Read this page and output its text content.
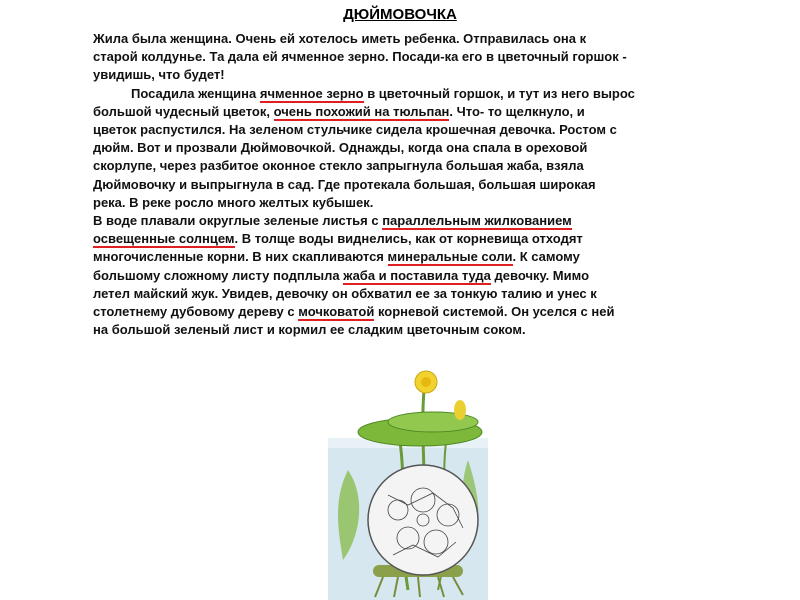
ДЮЙМОВОЧКА
Жила была женщина. Очень ей хотелось иметь ребенка. Отправилась она к
старой колдунье. Та дала ей ячменное зерно. Посади-ка его в цветочный горшок -
увидишь, что будет!
Посадила женщина ячменное зерно в цветочный горшок, и тут из него вырос
большой чудесный цветок, очень похожий на тюльпан. Что- то щелкнуло, и
цветок распустился. На зеленом стульчике сидела крошечная девочка. Ростом с
дюйм. Вот и прозвали Дюймовочкой. Однажды, когда она спала в ореховой
скорлупе, через разбитое оконное стекло запрыгнула большая жаба, взяла
Дюймовочку и выпрыгнула в сад. Где протекала большая, большая широкая
река. В реке росло много желтых кубышек.
В воде плавали округлые зеленые листья с параллельным жилкованием
освещенные солнцем. В толще воды виднелись, как от корневища отходят
многочисленные корни. В них скапливаются минеральные соли. К самому
большому сложному листу подплыла жаба и поставила туда девочку. Мимо
летел майский жук. Увидев, девочку он обхватил ее за тонкую талию и унес к
столетнему дубовому дереву с мочковатой корневой системой. Он уселся с ней
на большой зеленый лист и кормил ее сладким цветочным соком.
